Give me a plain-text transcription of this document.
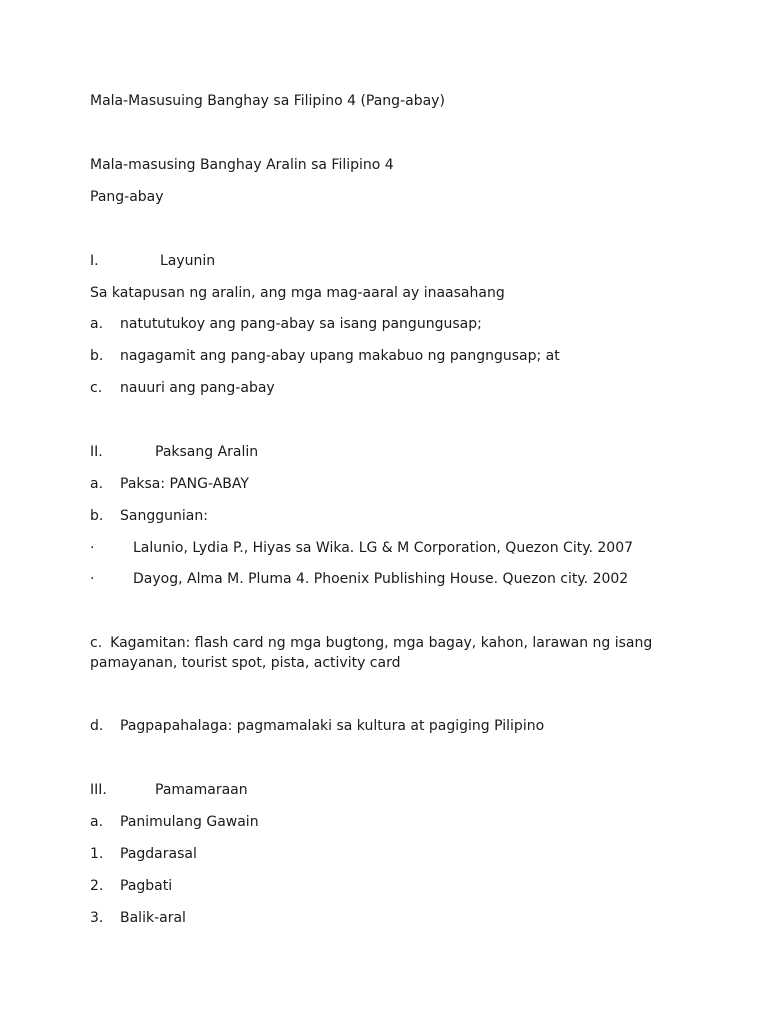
Mala-Masusuing Banghay sa Filipino 4 (Pang-abay)
Mala-masusing Banghay Aralin sa Filipino 4
Pang-abay
I.	Layunin
Sa katapusan ng aralin, ang mga mag-aaral ay inaasahang
a. natututukoy ang pang-abay sa isang pangungusap;
b. nagagamit ang pang-abay upang makabuo ng pangngusap; at
c. nauuri ang pang-abay
II.	Paksang Aralin
a. Paksa: PANG-ABAY
b. Sanggunian:
·	Lalunio, Lydia P., Hiyas sa Wika. LG & M Corporation, Quezon City. 2007
·	Dayog, Alma M. Pluma 4. Phoenix Publishing House. Quezon city. 2002
c. Kagamitan: flash card ng mga bugtong, mga bagay, kahon, larawan ng isang pamayanan, tourist spot, pista, activity card
d. Pagpapahalaga: pagmamalaki sa kultura at pagiging Pilipino
III.	Pamamaraan
a. Panimulang Gawain
1. Pagdarasal
2. Pagbati
3. Balik-aral
